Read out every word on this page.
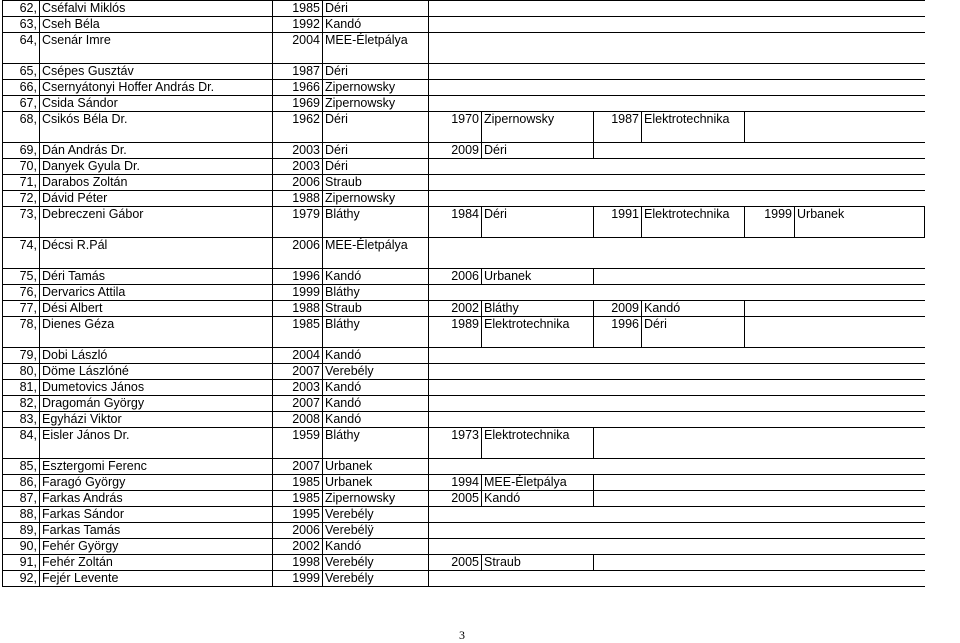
62,	Cséfalvi Miklós	1985	Déri						
63,	Cseh Béla	1992	Kandó						
64,	Csenár Imre	2004	MEE-Életpálya						
65,	Csépes Gusztáv	1987	Déri						
66,	Csernyátonyi Hoffer András Dr.	1966	Zipernowsky						
67,	Csida Sándor	1969	Zipernowsky						
68,	Csikós Béla Dr.	1962	Déri	1970	Zipernowsky	1987	Elektrotechnika		
69,	Dán András Dr.	2003	Déri	2009	Déri				
70,	Danyek Gyula Dr.	2003	Déri						
71,	Darabos Zoltán	2006	Straub						
72,	Dávid Péter	1988	Zipernowsky						
73,	Debreczeni Gábor	1979	Bláthy	1984	Déri	1991	Elektrotechnika	1999	Urbanek
74,	Décsi R.Pál	2006	MEE-Életpálya						
75,	Déri Tamás	1996	Kandó	2006	Urbanek				
76,	Dervarics Attila	1999	Bláthy						
77,	Dési Albert	1988	Straub	2002	Bláthy	2009	Kandó		
78,	Dienes Géza	1985	Bláthy	1989	Elektrotechnika	1996	Déri		
79,	Dobi László	2004	Kandó						
80,	Döme Lászlóné	2007	Verebély						
81,	Dumetovics János	2003	Kandó						
82,	Dragomán György	2007	Kandó						
83,	Egyházi Viktor	2008	Kandó						
84,	Eisler János Dr.	1959	Bláthy	1973	Elektrotechnika				
85,	Esztergomi Ferenc	2007	Urbanek						
86,	Faragó György	1985	Urbanek	1994	MEE-Életpálya				
87,	Farkas András	1985	Zipernowsky	2005	Kandó				
88,	Farkas Sándor	1995	Verebély						
89,	Farkas Tamás	2006	Verebélÿ						
90,	Fehér György	2002	Kandó						
91,	Fehér Zoltán	1998	Verebély	2005	Straub				
92,	Fejér Levente	1999	Verebély						
3
